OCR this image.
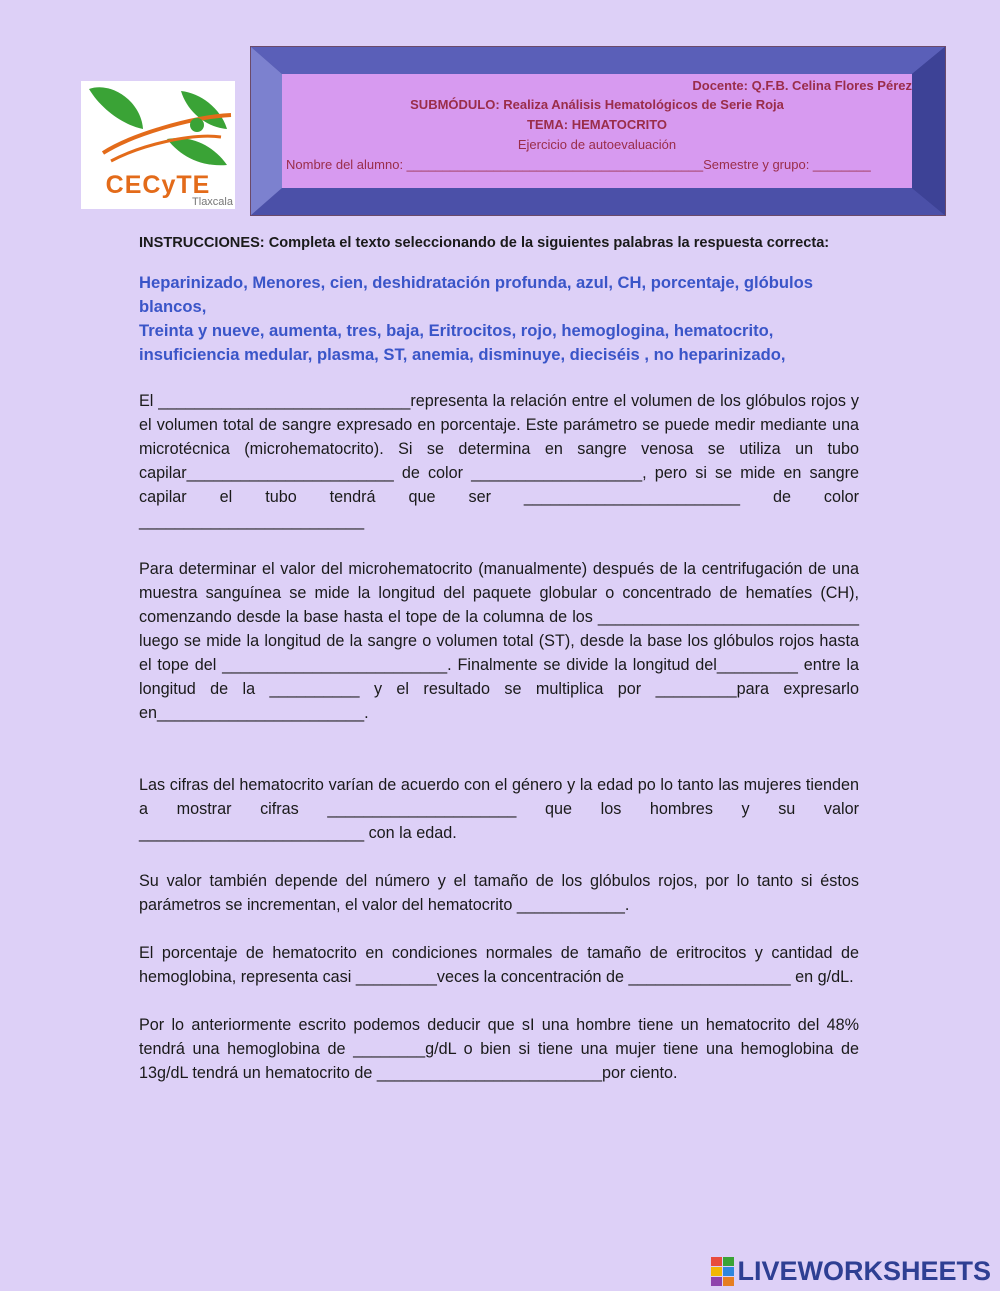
CECyTE
Tlaxcala
Docente: Q.F.B. Celina Flores Pérez
SUBMÓDULO: Realiza Análisis Hematológicos de Serie Roja
TEMA: HEMATOCRITO
Ejercicio de autoevaluación
Nombre del alumno: _________________________________________Semestre y grupo: ________

INSTRUCCIONES: Completa el texto seleccionando de la siguientes palabras la respuesta correcta:

Heparinizado, Menores, cien, deshidratación profunda, azul, CH, porcentaje, glóbulos blancos,
Treinta y nueve, aumenta, tres, baja, Eritrocitos, rojo, hemoglogina, hematocrito, insuficiencia medular, plasma, ST, anemia, disminuye, dieciséis , no heparinizado,

El ____________________________representa la relación entre el volumen de los glóbulos rojos y el volumen total de sangre expresado en porcentaje. Este parámetro se puede medir mediante una microtécnica (microhematocrito). Si se determina en sangre venosa se utiliza un tubo capilar_______________________ de color ___________________, pero si se mide en sangre capilar el tubo tendrá que ser ________________________ de color _________________________

Para determinar el valor del microhematocrito (manualmente) después de la centrifugación de una muestra sanguínea se mide la longitud del paquete globular o concentrado de hematíes (CH), comenzando desde la base hasta el tope de la columna de los _____________________________ luego se mide la longitud de la sangre o volumen total (ST), desde la base los glóbulos rojos hasta el tope del _________________________. Finalmente se divide la longitud del_________ entre la longitud de la __________ y el resultado se multiplica por _________para expresarlo en_______________________.

Las cifras del hematocrito varían de acuerdo con el género y la edad po lo tanto las mujeres tienden a mostrar cifras _____________________ que los hombres y su valor _________________________ con la edad.

Su valor también depende del número y el tamaño de los glóbulos rojos, por lo tanto si éstos parámetros se incrementan, el valor del hematocrito ____________.

El porcentaje de hematocrito en condiciones normales de tamaño de eritrocitos y cantidad de hemoglobina, representa casi _________veces la concentración de __________________ en g/dL.

Por lo anteriormente escrito podemos deducir que sI una hombre tiene un hematocrito del 48% tendrá una hemoglobina de ________g/dL o bien si tiene una mujer tiene una hemoglobina de 13g/dL tendrá un hematocrito de _________________________por ciento.

LIVEWORKSHEETS
